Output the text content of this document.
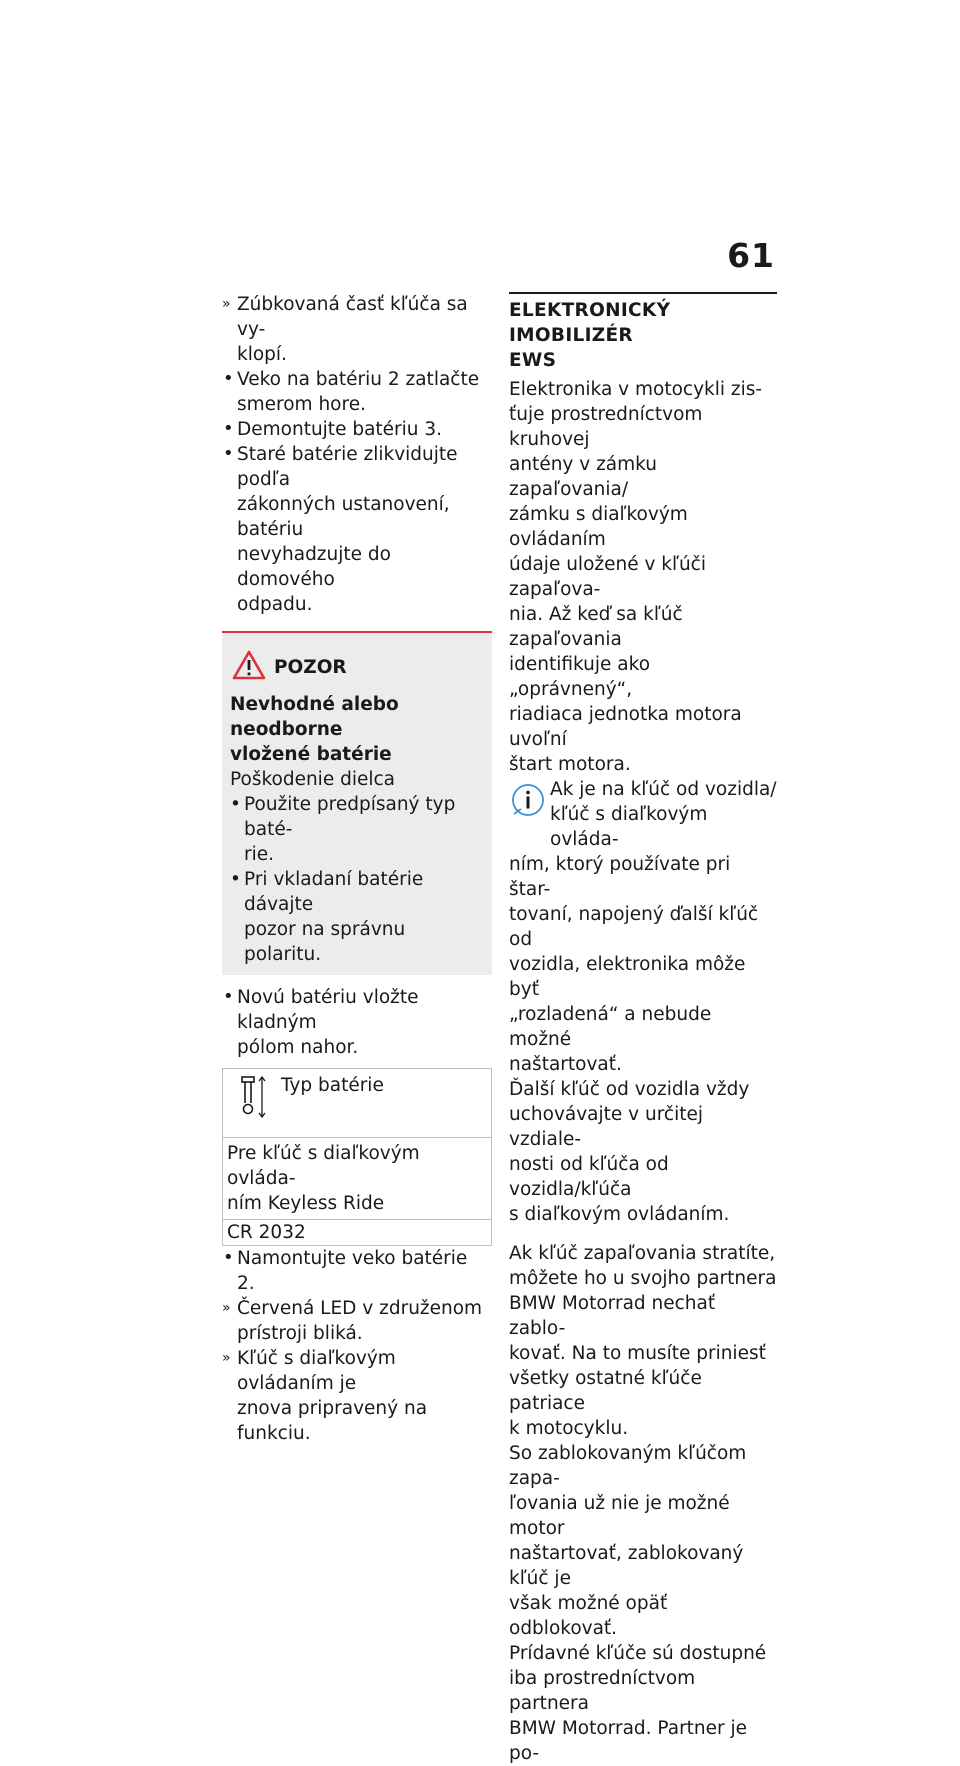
61
» Zúbkovaná časť kľúča sa vy-
klopí.
• Veko na batériu 2 zatlačte
smerom hore.
• Demontujte batériu 3.
• Staré batérie zlikvidujte podľa
zákonných ustanovení, batériu
nevyhadzujte do domového
odpadu.
POZOR
Nevhodné alebo neodborne
vložené batérie
Poškodenie dielca
• Použite predpísaný typ baté-
rie.
• Pri vkladaní batérie dávajte
pozor na správnu polaritu.
• Novú batériu vložte kladným
pólom nahor.
Typ batérie
Pre kľúč s diaľkovým ovláda-
ním Keyless Ride
CR 2032
• Namontujte veko batérie 2.
» Červená LED v združenom
prístroji bliká.
» Kľúč s diaľkovým ovládaním je
znova pripravený na funkciu.
ELEKTRONICKÝ IMOBILIZÉR
EWS
Elektronika v motocykli zis-
ťuje prostredníctvom kruhovej
antény v zámku zapaľovania/
zámku s diaľkovým ovládaním
údaje uložené v kľúči zapaľova-
nia. Až keď sa kľúč zapaľovania
identifikuje ako „oprávnený“,
riadiaca jednotka motora uvoľní
štart motora.
Ak je na kľúč od vozidla/
kľúč s diaľkovým ovláda-
ním, ktorý používate pri štar-
tovaní, napojený ďalší kľúč od
vozidla, elektronika môže byť
„rozladená“ a nebude možné
naštartovať.
Ďalší kľúč od vozidla vždy
uchovávajte v určitej vzdiale-
nosti od kľúča od vozidla/kľúča
s diaľkovým ovládaním.
Ak kľúč zapaľovania stratíte,
môžete ho u svojho partnera
BMW Motorrad nechať zablo-
kovať. Na to musíte priniesť
všetky ostatné kľúče patriace
k motocyklu.
So zablokovaným kľúčom zapa-
ľovania už nie je možné motor
naštartovať, zablokovaný kľúč je
však možné opäť odblokovať.
Prídavné kľúče sú dostupné
iba prostredníctvom partnera
BMW Motorrad. Partner je po-
